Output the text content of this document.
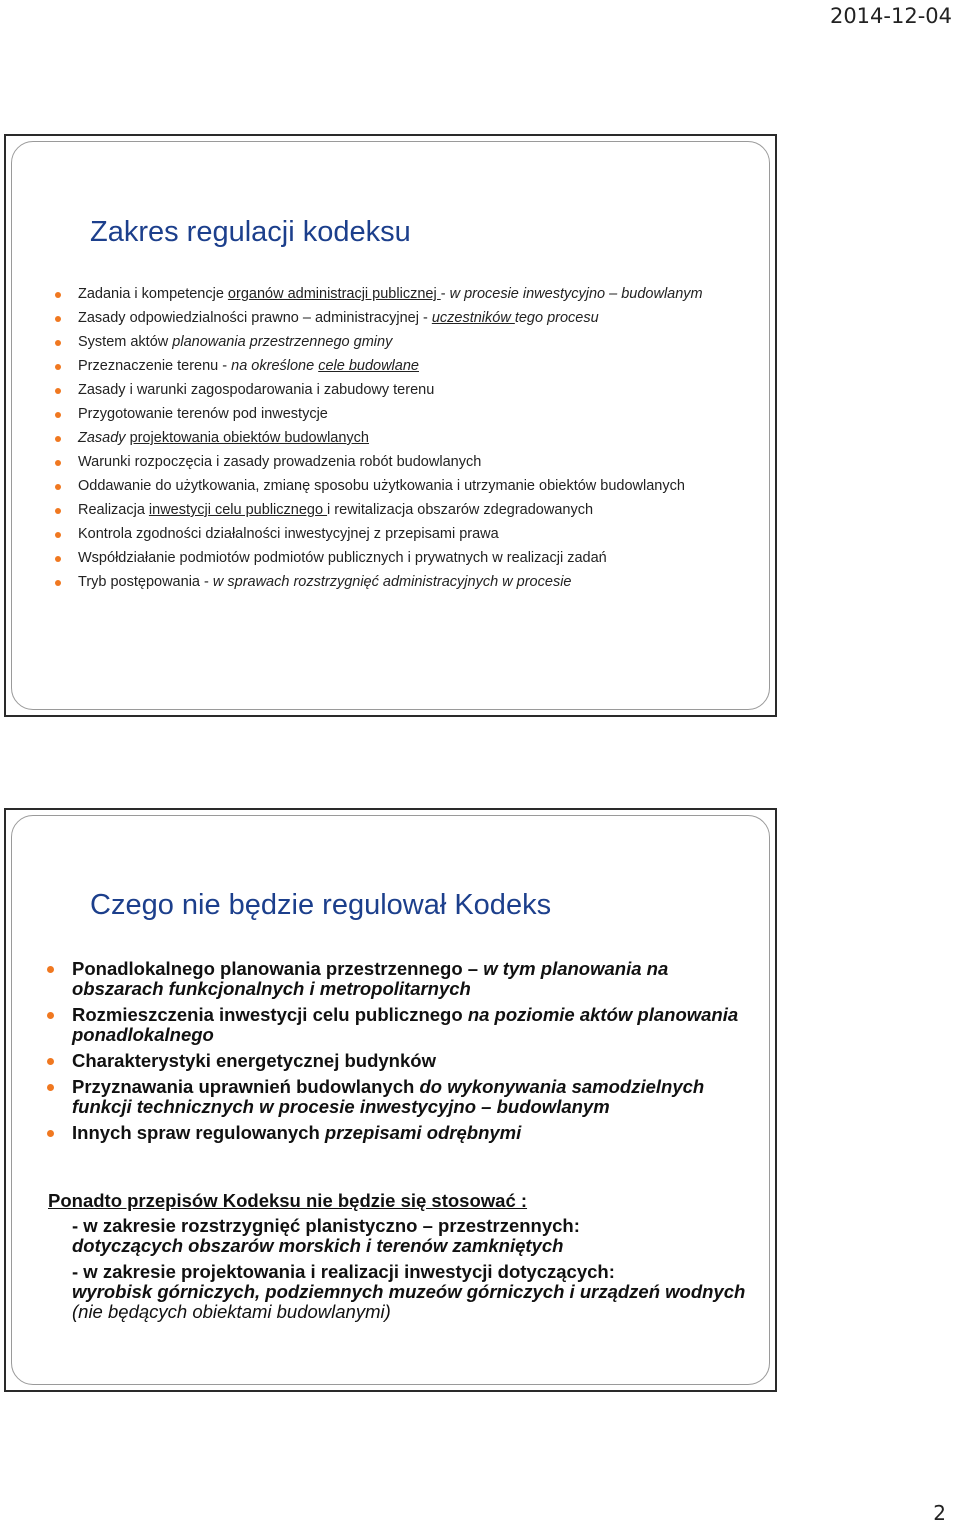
2014-12-04
Zakres regulacji kodeksu
Zadania i kompetencje organów administracji publicznej - w procesie inwestycyjno – budowlanym
Zasady odpowiedzialności prawno – administracyjnej - uczestników tego procesu
System aktów planowania przestrzennego gminy
Przeznaczenie terenu - na określone cele budowlane
Zasady i warunki zagospodarowania i zabudowy terenu
Przygotowanie terenów pod inwestycje
Zasady projektowania obiektów budowlanych
Warunki rozpoczęcia i zasady prowadzenia robót budowlanych
Oddawanie do użytkowania, zmianę sposobu użytkowania i utrzymanie obiektów budowlanych
Realizacja inwestycji celu publicznego i rewitalizacja obszarów zdegradowanych
Kontrola zgodności działalności inwestycyjnej z przepisami prawa
Współdziałanie podmiotów podmiotów publicznych i prywatnych w realizacji zadań
Tryb postępowania - w sprawach rozstrzygnięć administracyjnych w procesie
Czego nie będzie regulował Kodeks
Ponadlokalnego planowania przestrzennego – w tym planowania na obszarach funkcjonalnych i metropolitarnych
Rozmieszczenia inwestycji celu publicznego na poziomie aktów planowania ponadlokalnego
Charakterystyki energetycznej budynków
Przyznawania uprawnień budowlanych do wykonywania samodzielnych funkcji technicznych w procesie inwestycyjno – budowlanym
Innych spraw regulowanych przepisami odrębnymi
Ponadto przepisów Kodeksu nie będzie się stosować :
- w zakresie rozstrzygnięć planistyczno – przestrzennych:
dotyczących obszarów morskich i terenów zamkniętych
- w zakresie projektowania i realizacji inwestycji dotyczących:
wyrobisk górniczych, podziemnych muzeów górniczych i urządzeń wodnych (nie będących obiektami budowlanymi)
2
